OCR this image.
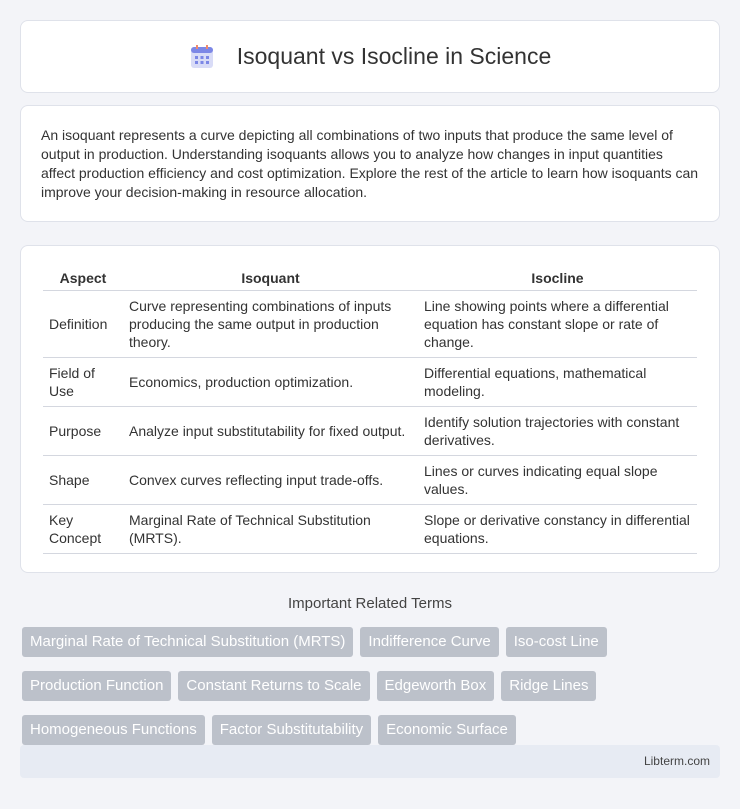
Isoquant vs Isocline in Science

An isoquant represents a curve depicting all combinations of two inputs that produce the same level of output in production. Understanding isoquants allows you to analyze how changes in input quantities affect production efficiency and cost optimization. Explore the rest of the article to learn how isoquants can improve your decision-making in resource allocation.

Aspect	Isoquant	Isocline
Definition	Curve representing combinations of inputs producing the same output in production theory.	Line showing points where a differential equation has constant slope or rate of change.
Field of Use	Economics, production optimization.	Differential equations, mathematical modeling.
Purpose	Analyze input substitutability for fixed output.	Identify solution trajectories with constant derivatives.
Shape	Convex curves reflecting input trade-offs.	Lines or curves indicating equal slope values.
Key Concept	Marginal Rate of Technical Substitution (MRTS).	Slope or derivative constancy in differential equations.
Important Related Terms
Marginal Rate of Technical Substitution (MRTS)	Indifference Curve	Iso-cost Line
Production Function	Constant Returns to Scale	Edgeworth Box	Ridge Lines
Homogeneous Functions	Factor Substitutability	Economic Surface
Libterm.com
